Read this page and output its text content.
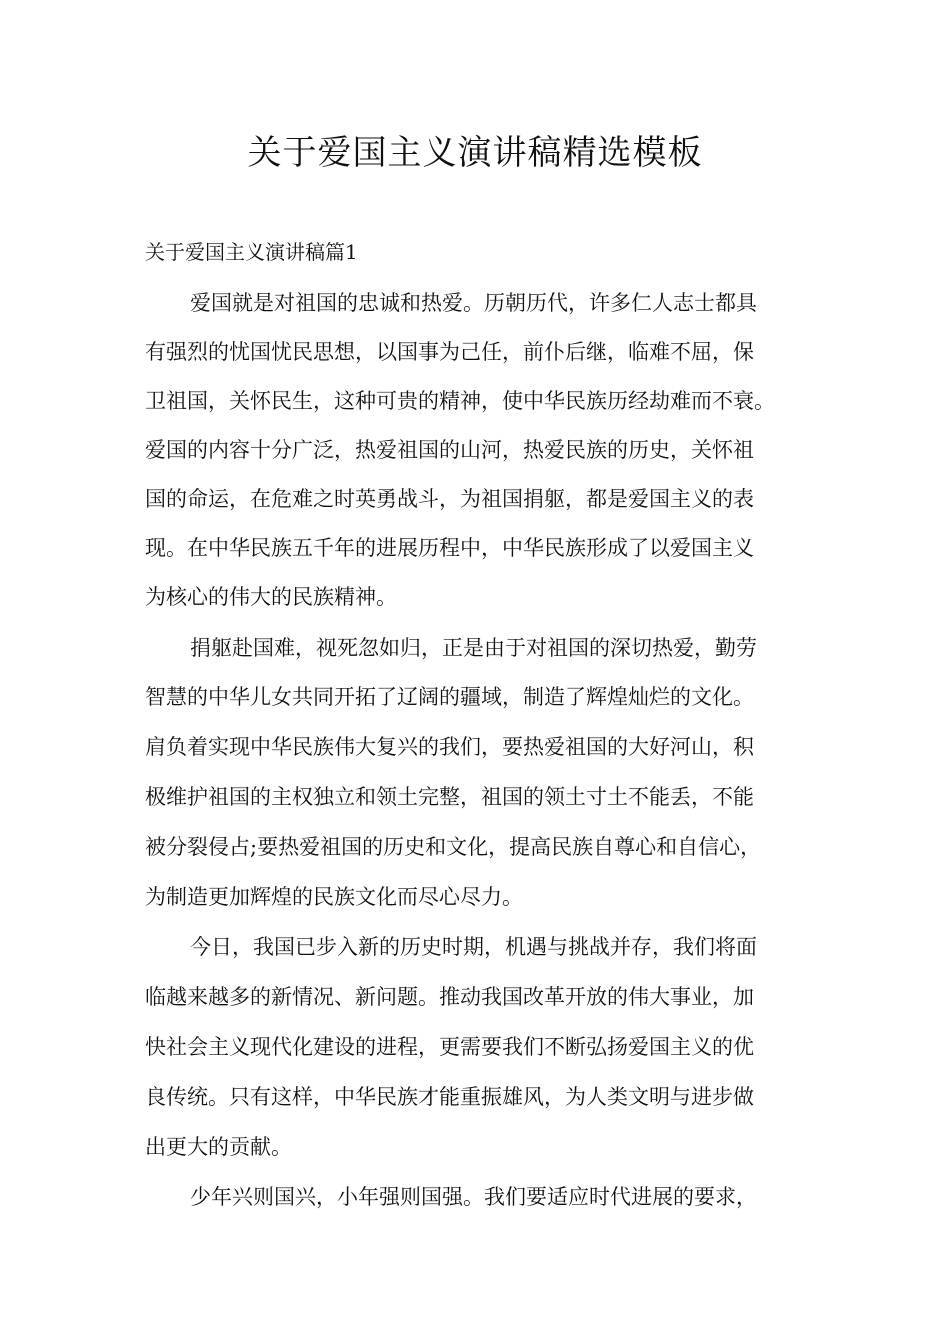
关于爱国主义演讲稿精选模板

关于爱国主义演讲稿篇1

爱国就是对祖国的忠诚和热爱。历朝历代，许多仁人志士都具

有强烈的忧国忧民思想，以国事为己任，前仆后继，临难不屈，保

卫祖国，关怀民生，这种可贵的精神，使中华民族历经劫难而不衰。

爱国的内容十分广泛，热爱祖国的山河，热爱民族的历史，关怀祖

国的命运，在危难之时英勇战斗，为祖国捐躯，都是爱国主义的表

现。在中华民族五千年的进展历程中，中华民族形成了以爱国主义

为核心的伟大的民族精神。

捐躯赴国难，视死忽如归，正是由于对祖国的深切热爱，勤劳

智慧的中华儿女共同开拓了辽阔的疆域，制造了辉煌灿烂的文化。

肩负着实现中华民族伟大复兴的我们，要热爱祖国的大好河山，积

极维护祖国的主权独立和领土完整，祖国的领土寸土不能丢，不能

被分裂侵占;要热爱祖国的历史和文化，提高民族自尊心和自信心，

为制造更加辉煌的民族文化而尽心尽力。

今日，我国已步入新的历史时期，机遇与挑战并存，我们将面

临越来越多的新情况、新问题。推动我国改革开放的伟大事业，加

快社会主义现代化建设的进程，更需要我们不断弘扬爱国主义的优

良传统。只有这样，中华民族才能重振雄风，为人类文明与进步做

出更大的贡献。

少年兴则国兴，小年强则国强。我们要适应时代进展的要求，
